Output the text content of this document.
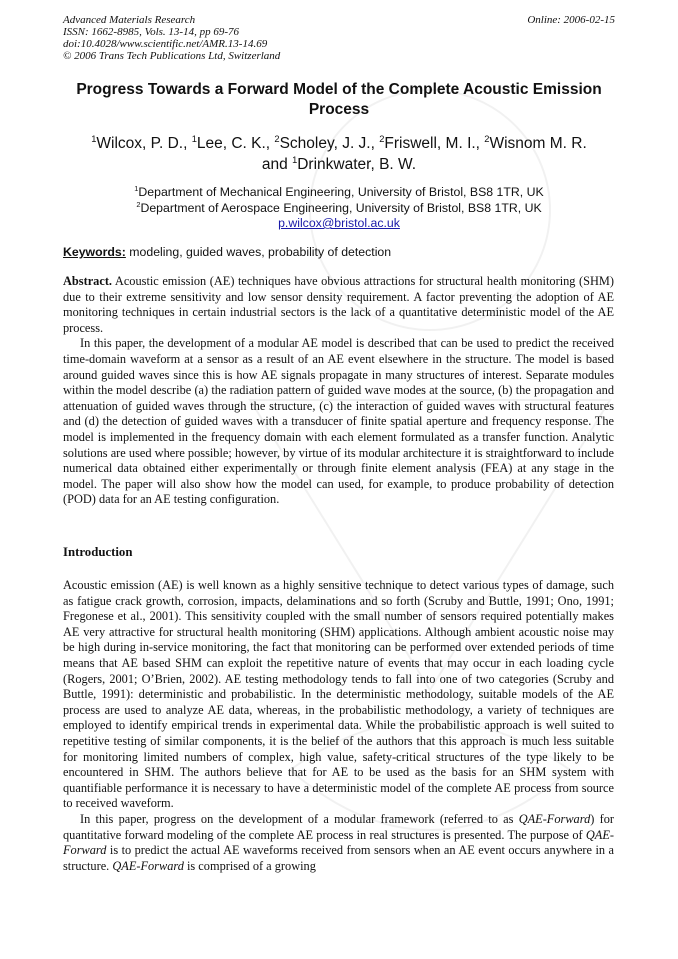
Advanced Materials Research
ISSN: 1662-8985, Vols. 13-14, pp 69-76
doi:10.4028/www.scientific.net/AMR.13-14.69
© 2006 Trans Tech Publications Ltd, Switzerland
Online: 2006-02-15
Progress Towards a Forward Model of the Complete Acoustic Emission Process
$^1$Wilcox, P. D., $^1$Lee, C. K., $^2$Scholey, J. J., $^2$Friswell, M. I., $^2$Wisnom M. R.
and $^1$Drinkwater, B. W.
$^1$Department of Mechanical Engineering, University of Bristol, BS8 1TR, UK
$^2$Department of Aerospace Engineering, University of Bristol, BS8 1TR, UK
p.wilcox@bristol.ac.uk
Keywords: modeling, guided waves, probability of detection

Abstract. Acoustic emission (AE) techniques have obvious attractions for structural health monitoring (SHM) due to their extreme sensitivity and low sensor density requirement. A factor preventing the adoption of AE monitoring techniques in certain industrial sectors is the lack of a quantitative deterministic model of the AE process.

In this paper, the development of a modular AE model is described that can be used to predict the received time-domain waveform at a sensor as a result of an AE event elsewhere in the structure. The model is based around guided waves since this is how AE signals propagate in many structures of interest. Separate modules within the model describe (a) the radiation pattern of guided wave modes at the source, (b) the propagation and attenuation of guided waves through the structure, (c) the interaction of guided waves with structural features and (d) the detection of guided waves with a transducer of finite spatial aperture and frequency response. The model is implemented in the frequency domain with each element formulated as a transfer function. Analytic solutions are used where possible; however, by virtue of its modular architecture it is straightforward to include numerical data obtained either experimentally or through finite element analysis (FEA) at any stage in the model. The paper will also show how the model can used, for example, to produce probability of detection (POD) data for an AE testing configuration.

Introduction

Acoustic emission (AE) is well known as a highly sensitive technique to detect various types of damage, such as fatigue crack growth, corrosion, impacts, delaminations and so forth (Scruby and Buttle, 1991; Ono, 1991; Fregonese et al., 2001). This sensitivity coupled with the small number of sensors required potentially makes AE very attractive for structural health monitoring (SHM) applications. Although ambient acoustic noise may be high during in-service monitoring, the fact that monitoring can be performed over extended periods of time means that AE based SHM can exploit the repetitive nature of events that may occur in each loading cycle (Rogers, 2001; O’Brien, 2002). AE testing methodology tends to fall into one of two categories (Scruby and Buttle, 1991): deterministic and probabilistic. In the deterministic methodology, suitable models of the AE process are used to analyze AE data, whereas, in the probabilistic methodology, a variety of techniques are employed to identify empirical trends in experimental data. While the probabilistic approach is well suited to repetitive testing of similar components, it is the belief of the authors that this approach is much less suitable for monitoring limited numbers of complex, high value, safety-critical structures of the type likely to be encountered in SHM. The authors believe that for AE to be used as the basis for an SHM system with quantifiable performance it is necessary to have a deterministic model of the complete AE process from source to received waveform.

In this paper, progress on the development of a modular framework (referred to as QAE-Forward) for quantitative forward modeling of the complete AE process in real structures is presented. The purpose of QAE-Forward is to predict the actual AE waveforms received from sensors when an AE event occurs anywhere in a structure. QAE-Forward is comprised of a growing
